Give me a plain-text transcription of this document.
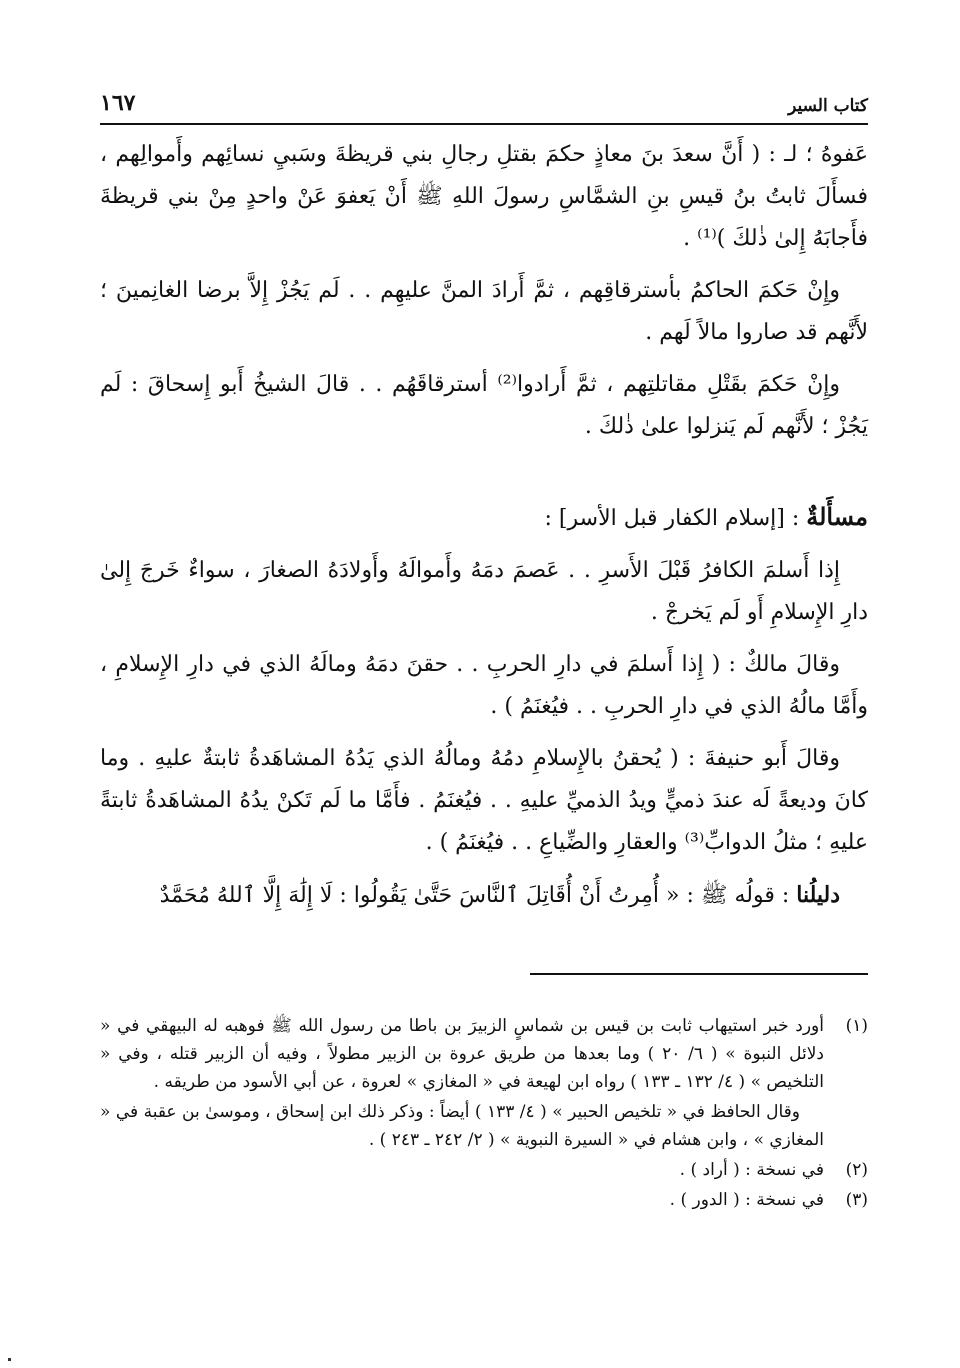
كتاب السير
١٦٧

عَفوهُ ؛ لـ : ( أَنَّ سعدَ بنَ معاذٍ حكمَ بقتلِ رجالِ بني قريظةَ وسَبيِ نسائِهم وأَموالِهم ، فسأَلَ ثابتُ بنُ قيسِ بنِ الشمَّاسِ رسولَ اللهِ ﷺ أَنْ يَعفوَ عَنْ واحدٍ مِنْ بني قريظةَ فأَجابَهُ إِلىٰ ذٰلكَ )⁽¹⁾ .

وإِنْ حَكمَ الحاكمُ بأسترقاقِهم ، ثمَّ أَرادَ المنَّ عليهِم . . لَم يَجُزْ إِلاَّ برضا الغانِمينَ ؛ لأَنَّهم قد صاروا مالاً لَهم .

وإِنْ حَكمَ بقَتْلِ مقاتلتِهم ، ثمَّ أَرادوا⁽²⁾ أسترقاقَهُم . . قالَ الشيخُ أَبو إِسحاقَ : لَم يَجُزْ ؛ لأَنَّهم لَم يَنزلوا علىٰ ذٰلكَ .

مسأَلةٌ : [إسلام الكفار قبل الأسر] :

إِذا أَسلمَ الكافرُ قَبْلَ الأَسرِ . . عَصمَ دمَهُ وأَموالَهُ وأَولادَهُ الصغارَ ، سواءٌ خَرجَ إِلىٰ دارِ الإِسلامِ أَو لَم يَخرجْ .

وقالَ مالكٌ : ( إِذا أَسلمَ في دارِ الحربِ . . حقنَ دمَهُ ومالَهُ الذي في دارِ الإِسلامِ ، وأَمَّا مالُهُ الذي في دارِ الحربِ . . فيُغنَمُ ) .

وقالَ أَبو حنيفةَ : ( يُحقنُ بالإِسلامِ دمُهُ ومالُهُ الذي يَدُهُ المشاهَدةُ ثابتةٌ عليهِ . وما كانَ وديعةً لَه عندَ ذميٍّ ويدُ الذميِّ عليهِ . . فيُغنَمُ . فأَمَّا ما لَم تَكنْ يدُهُ المشاهَدةُ ثابتةً عليهِ ؛ مثلُ الدوابِّ⁽³⁾ والعقارِ والضِّياعِ . . فيُغنَمُ ) .

دليلُنا : قولُه ﷺ : « أُمِرتُ أَنْ أُقَاتِلَ ٱلنَّاسَ حَتَّىٰ يَقُولُوا : لَا إِلَٰهَ إِلَّا ٱللهُ مُحَمَّدٌ

(١)
أورد خبر استيهاب ثابت بن قيس بن شماسٍ الزبيرَ بن باطا من رسول الله ﷺ فوهبه له البيهقي في « دلائل النبوة » ( ٦/ ٢٠ ) وما بعدها من طريق عروة بن الزبير مطولاً ، وفيه أن الزبير قتله ، وفي « التلخيص » ( ٤/ ١٣٢ ـ ١٣٣ ) رواه ابن لهيعة في « المغازي » لعروة ، عن أبي الأسود من طريقه .
وقال الحافظ في « تلخيص الحبير » ( ٤/ ١٣٣ ) أيضاً : وذكر ذلك ابن إسحاق ، وموسىٰ بن عقبة في « المغازي » ، وابن هشام في « السيرة النبوية » ( ٢/ ٢٤٢ ـ ٢٤٣ ) .
(٢)
في نسخة : ( أراد ) .
(٣)
في نسخة : ( الدور ) .
